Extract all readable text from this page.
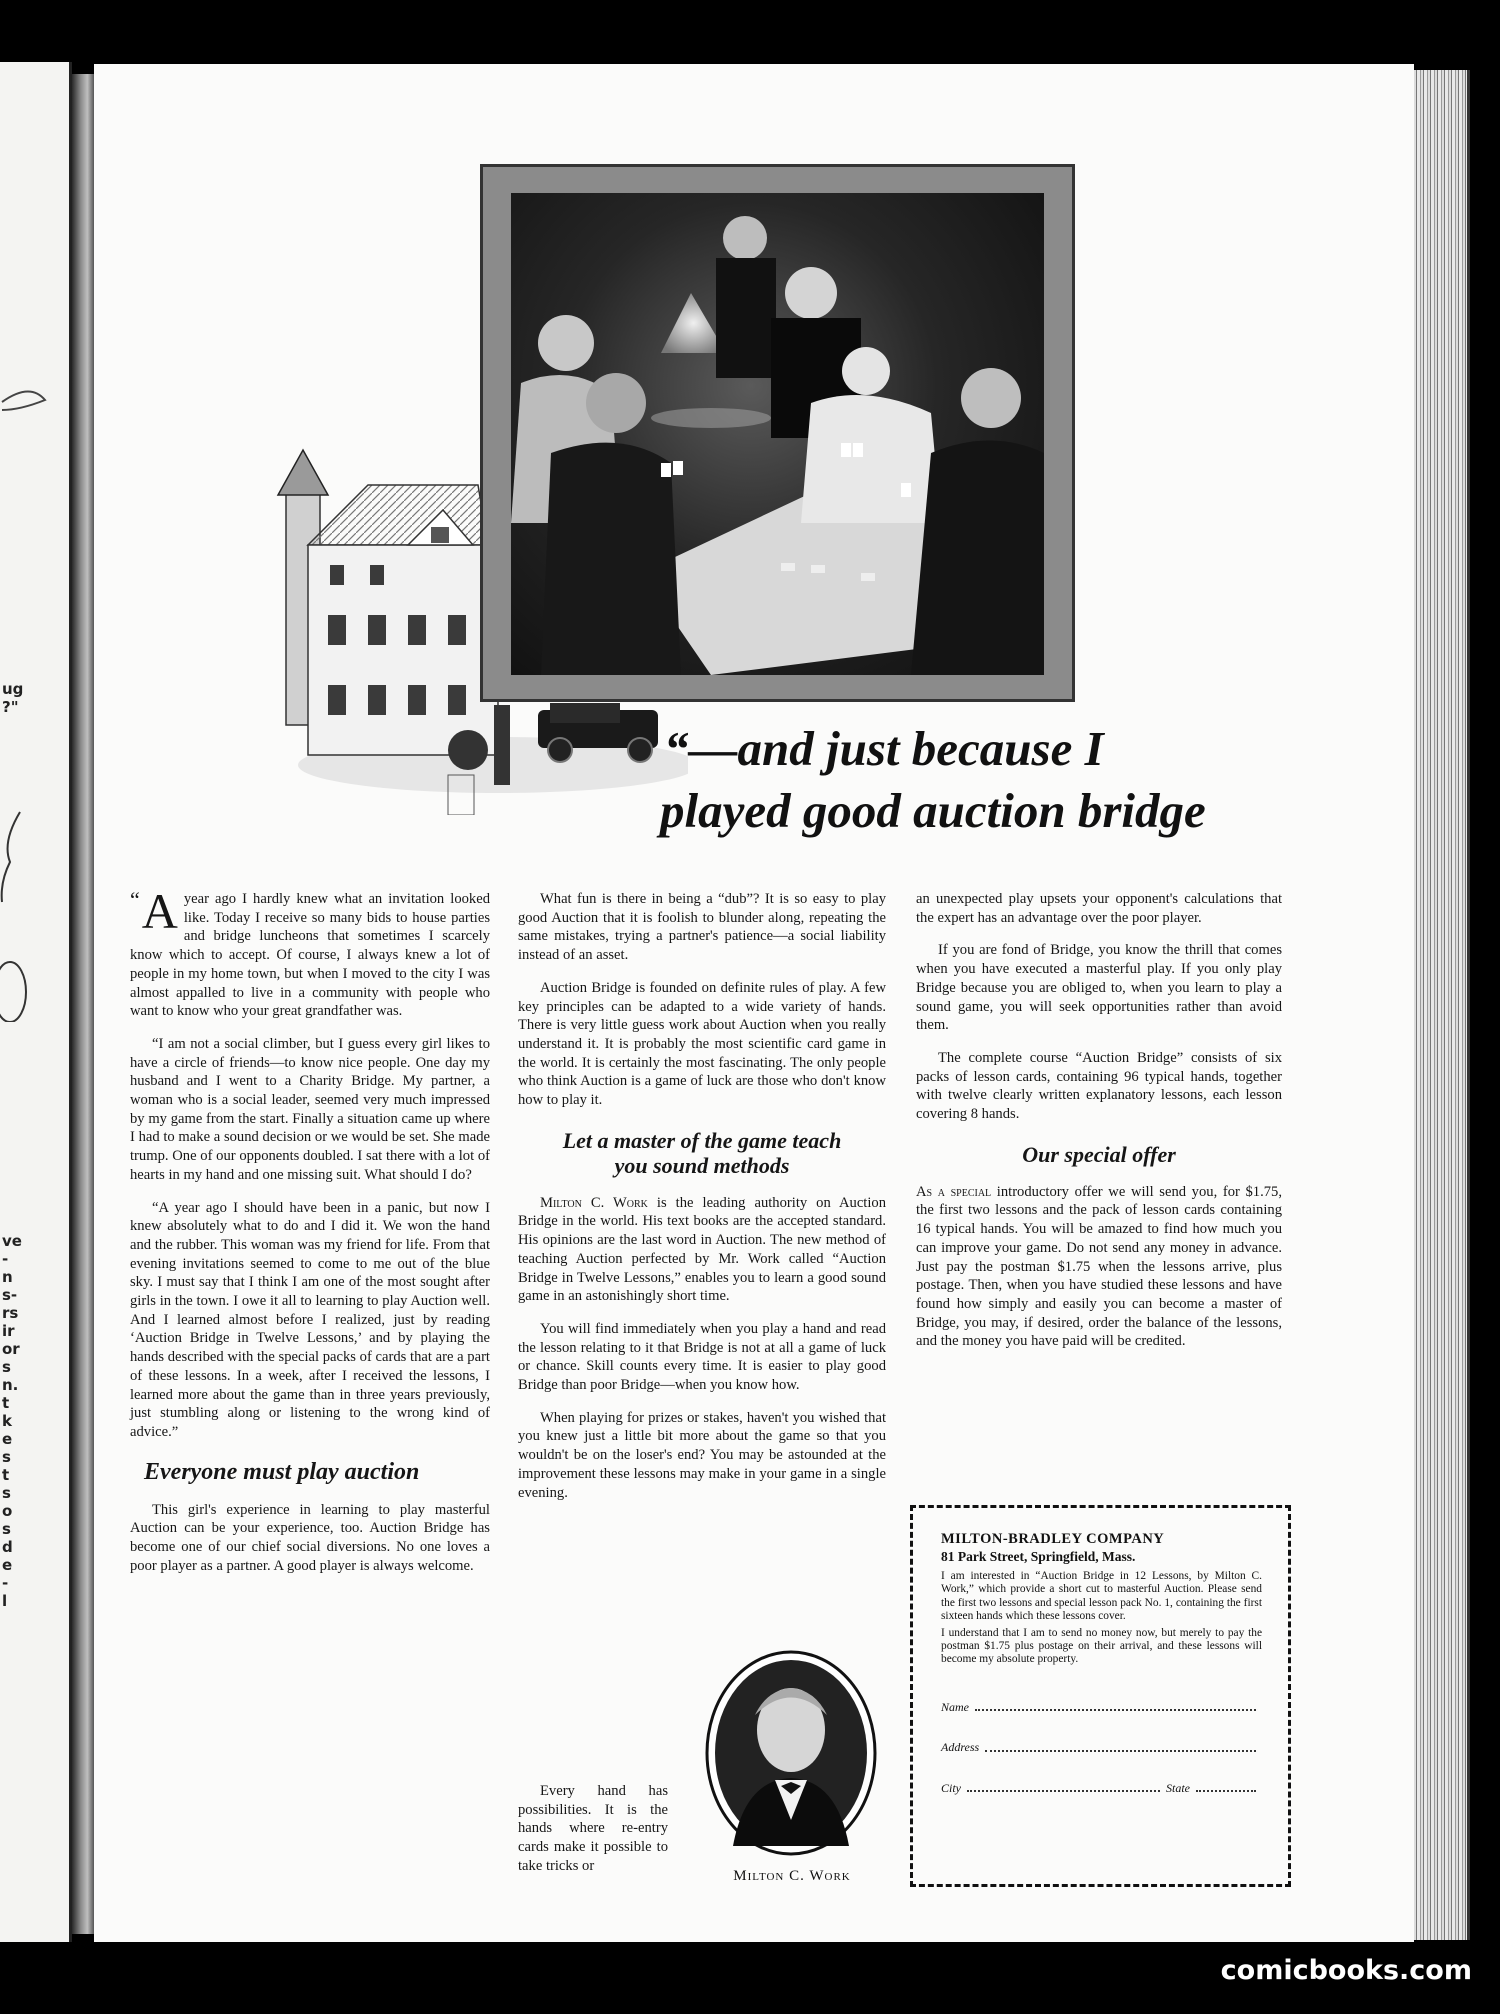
ug
?"
ve
-
n
s-
rs
ir
or
s
n.
t
k
e
s
t
s
o
s
d
e
-
l
“—and just because I
played good auction bridge

“ A year ago I hardly knew what an invitation looked like. Today I receive so many bids to house parties and bridge luncheons that sometimes I scarcely know which to accept. Of course, I always knew a lot of people in my home town, but when I moved to the city I was almost appalled to live in a community with people who want to know who your great grandfather was.

“I am not a social climber, but I guess every girl likes to have a circle of friends—to know nice people. One day my husband and I went to a Charity Bridge. My partner, a woman who is a social leader, seemed very much impressed by my game from the start. Finally a situation came up where I had to make a sound decision or we would be set. She made trump. One of our opponents doubled. I sat there with a lot of hearts in my hand and one missing suit. What should I do?

“A year ago I should have been in a panic, but now I knew absolutely what to do and I did it. We won the hand and the rubber. This woman was my friend for life. From that evening invitations seemed to come to me out of the blue sky. I must say that I think I am one of the most sought after girls in the town. I owe it all to learning to play Auction well. And I learned almost before I realized, just by reading ‘Auction Bridge in Twelve Lessons,’ and by playing the hands described with the special packs of cards that are a part of these lessons. In a week, after I received the lessons, I learned more about the game than in three years previously, just stumbling along or listening to the wrong kind of advice.”

Everyone must play auction

This girl's experience in learning to play masterful Auction can be your experience, too. Auction Bridge has become one of our chief social diversions. No one loves a poor player as a partner. A good player is always welcome.

What fun is there in being a “dub”? It is so easy to play good Auction that it is foolish to blunder along, repeating the same mistakes, trying a partner's patience—a social liability instead of an asset.

Auction Bridge is founded on definite rules of play. A few key principles can be adapted to a wide variety of hands. There is very little guess work about Auction when you really understand it. It is probably the most scientific card game in the world. It is certainly the most fascinating. The only people who think Auction is a game of luck are those who don't know how to play it.

Let a master of the game teach
you sound methods

Milton C. Work is the leading authority on Auction Bridge in the world. His text books are the accepted standard. His opinions are the last word in Auction. The new method of teaching Auction perfected by Mr. Work called “Auction Bridge in Twelve Lessons,” enables you to learn a good sound game in an astonishingly short time.

You will find immediately when you play a hand and read the lesson relating to it that Bridge is not at all a game of luck or chance. Skill counts every time. It is easier to play good Bridge than poor Bridge—when you know how.

When playing for prizes or stakes, haven't you wished that you knew just a little bit more about the game so that you wouldn't be on the loser's end? You may be astounded at the improvement these lessons may make in your game in a single evening.

Every hand has possibilities. It is the hands where re-entry cards make it possible to take tricks or

Milton C. Work

an unexpected play upsets your opponent's calculations that the expert has an advantage over the poor player.

If you are fond of Bridge, you know the thrill that comes when you have executed a masterful play. If you only play Bridge because you are obliged to, when you learn to play a sound game, you will seek opportunities rather than avoid them.

The complete course “Auction Bridge” consists of six packs of lesson cards, containing 96 typical hands, together with twelve clearly written explanatory lessons, each lesson covering 8 hands.

Our special offer

As a special introductory offer we will send you, for $1.75, the first two lessons and the pack of lesson cards containing 16 typical hands. You will be amazed to find how much you can improve your game. Do not send any money in advance. Just pay the postman $1.75 when the lessons arrive, plus postage. Then, when you have studied these lessons and have found how simply and easily you can become a master of Bridge, you may, if desired, order the balance of the lessons, and the money you have paid will be credited.

MILTON-BRADLEY COMPANY
81 Park Street, Springfield, Mass.

I am interested in “Auction Bridge in 12 Lessons, by Milton C. Work,” which provide a short cut to masterful Auction. Please send the first two lessons and special lesson pack No. 1, containing the first sixteen hands which these lessons cover.

I understand that I am to send no money now, but merely to pay the postman $1.75 plus postage on their arrival, and these lessons will become my absolute property.

Name
Address
City	State
comicbooks.com
